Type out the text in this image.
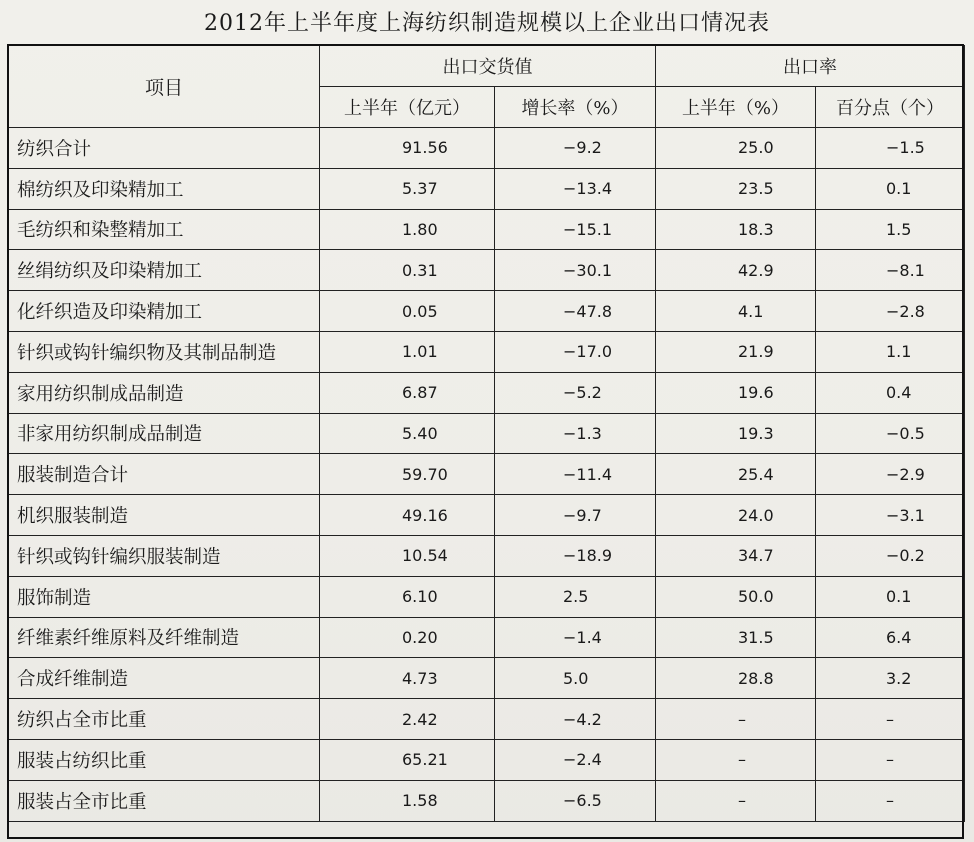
2012年上半年度上海纺织制造规模以上企业出口情况表
项目	出口交货值		出口率	
	上半年（亿元）	增长率（%）	上半年（%）	百分点（个）
纺织合计	91.56	−9.2	25.0	−1.5
棉纺织及印染精加工	5.37	−13.4	23.5	0.1
毛纺织和染整精加工	1.80	−15.1	18.3	1.5
丝绢纺织及印染精加工	0.31	−30.1	42.9	−8.1
化纤织造及印染精加工	0.05	−47.8	4.1	−2.8
针织或钩针编织物及其制品制造	1.01	−17.0	21.9	1.1
家用纺织制成品制造	6.87	−5.2	19.6	0.4
非家用纺织制成品制造	5.40	−1.3	19.3	−0.5
服装制造合计	59.70	−11.4	25.4	−2.9
机织服装制造	49.16	−9.7	24.0	−3.1
针织或钩针编织服装制造	10.54	−18.9	34.7	−0.2
服饰制造	6.10	2.5	50.0	0.1
纤维素纤维原料及纤维制造	0.20	−1.4	31.5	6.4
合成纤维制造	4.73	5.0	28.8	3.2
纺织占全市比重	2.42	−4.2	–	–
服装占纺织比重	65.21	−2.4	–	–
服装占全市比重	1.58	−6.5	–	–
